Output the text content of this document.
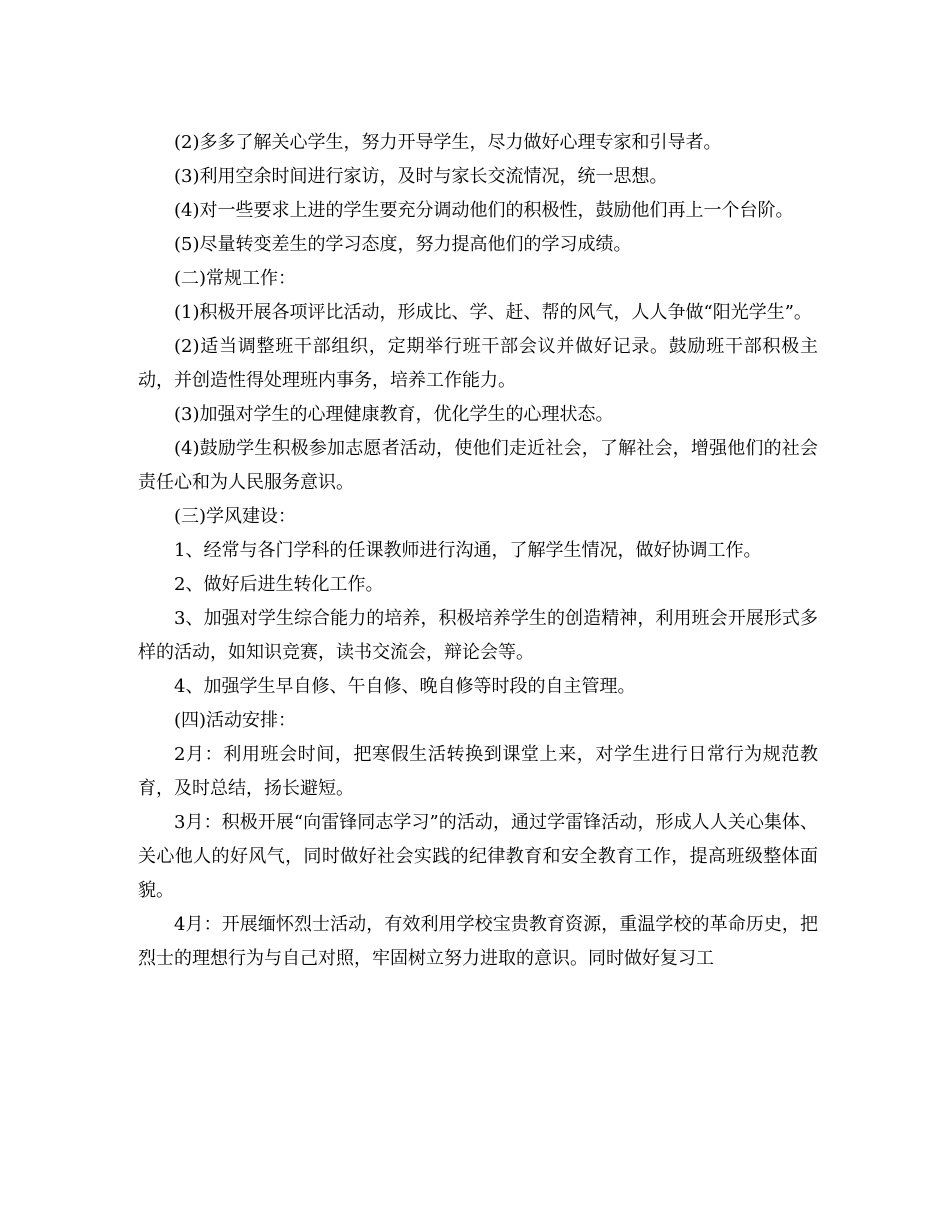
(2)多多了解关心学生，努力开导学生，尽力做好心理专家和引导者。

(3)利用空余时间进行家访，及时与家长交流情况，统一思想。

(4)对一些要求上进的学生要充分调动他们的积极性，鼓励他们再上一个台阶。

(5)尽量转变差生的学习态度，努力提高他们的学习成绩。

(二)常规工作：

(1)积极开展各项评比活动，形成比、学、赶、帮的风气，人人争做“阳光学生”。

(2)适当调整班干部组织，定期举行班干部会议并做好记录。鼓励班干部积极主动，并创造性得处理班内事务，培养工作能力。

(3)加强对学生的心理健康教育，优化学生的心理状态。

(4)鼓励学生积极参加志愿者活动，使他们走近社会，了解社会，增强他们的社会责任心和为人民服务意识。

(三)学风建设：

1、经常与各门学科的任课教师进行沟通，了解学生情况，做好协调工作。

2、做好后进生转化工作。

3、加强对学生综合能力的培养，积极培养学生的创造精神，利用班会开展形式多样的活动，如知识竞赛，读书交流会，辩论会等。

4、加强学生早自修、午自修、晚自修等时段的自主管理。

(四)活动安排：

2月：利用班会时间，把寒假生活转换到课堂上来，对学生进行日常行为规范教育，及时总结，扬长避短。

3月：积极开展“向雷锋同志学习”的活动，通过学雷锋活动，形成人人关心集体、关心他人的好风气，同时做好社会实践的纪律教育和安全教育工作，提高班级整体面貌。

4月：开展缅怀烈士活动，有效利用学校宝贵教育资源，重温学校的革命历史，把烈士的理想行为与自己对照，牢固树立努力进取的意识。同时做好复习工
